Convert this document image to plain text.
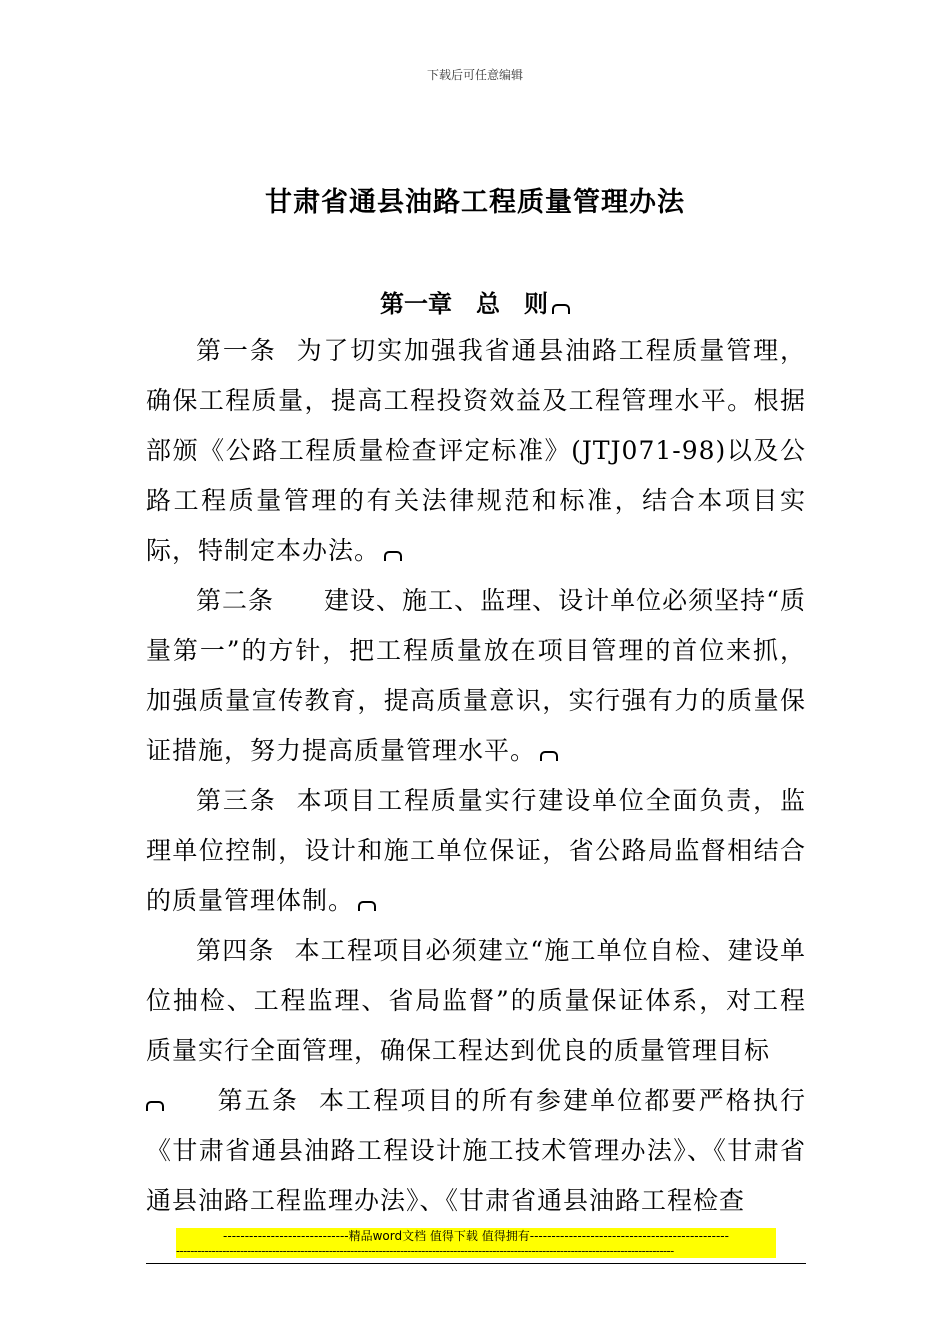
下载后可任意编辑
甘肃省通县油路工程质量管理办法
第一章　总　则

第一条 为了切实加强我省通县油路工程质量管理，确保工程质量，提高工程投资效益及工程管理水平。根据部颁《公路工程质量检查评定标准》(JTJ071-98)以及公路工程质量管理的有关法律规范和标准，结合本项目实际，特制定本办法。

第二条 建设、施工、监理、设计单位必须坚持“质量第一”的方针，把工程质量放在项目管理的首位来抓，加强质量宣传教育，提高质量意识，实行强有力的质量保证措施，努力提高质量管理水平。

第三条 本项目工程质量实行建设单位全面负责，监理单位控制，设计和施工单位保证，省公路局监督相结合的质量管理体制。

第四条 本工程项目必须建立“施工单位自检、建设单位抽检、工程监理、省局监督”的质量保证体系，对工程质量实行全面管理，确保工程达到优良的质量管理目标

第五条 本工程项目的所有参建单位都要严格执行《甘肃省通县油路工程设计施工技术管理办法》、《甘肃省通县油路工程监理办法》、《甘肃省通县油路工程检查

-----------------------------精品word文档 值得下载 值得拥有----------------------------------------------
--------------------------------------------------------------------------------------------------------------------------------------------
